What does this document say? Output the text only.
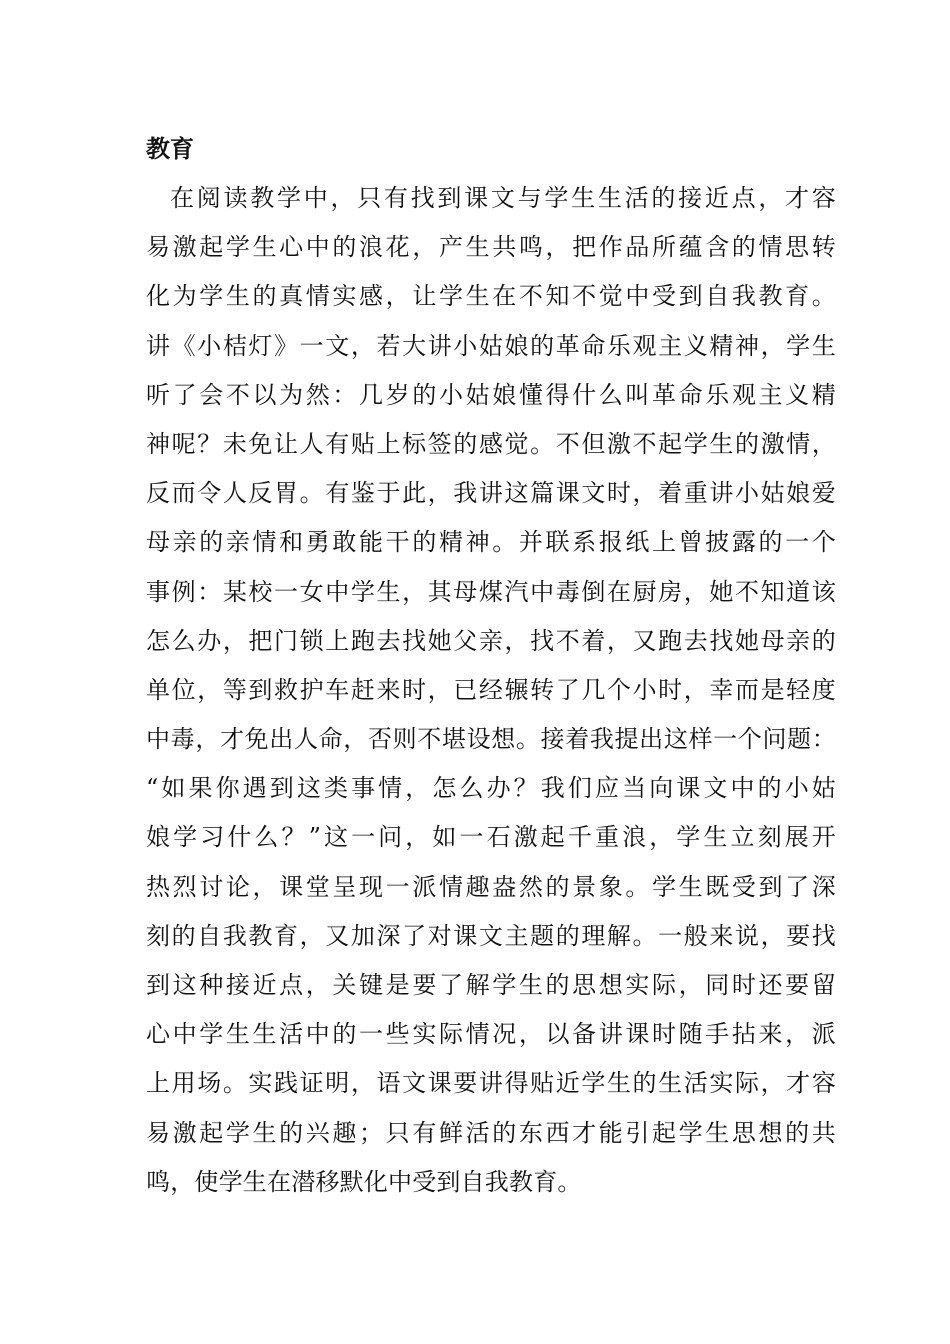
教育
在阅读教学中，只有找到课文与学生生活的接近点，才容
易激起学生心中的浪花，产生共鸣，把作品所蕴含的情思转
化为学生的真情实感，让学生在不知不觉中受到自我教育。
讲《小桔灯》一文，若大讲小姑娘的革命乐观主义精神，学生
听了会不以为然：几岁的小姑娘懂得什么叫革命乐观主义精
神呢？未免让人有贴上标签的感觉。不但激不起学生的激情，
反而令人反胃。有鉴于此，我讲这篇课文时，着重讲小姑娘爱
母亲的亲情和勇敢能干的精神。并联系报纸上曾披露的一个
事例：某校一女中学生，其母煤汽中毒倒在厨房，她不知道该
怎么办，把门锁上跑去找她父亲，找不着，又跑去找她母亲的
单位，等到救护车赶来时，已经辗转了几个小时，幸而是轻度
中毒，才免出人命，否则不堪设想。接着我提出这样一个问题：
“如果你遇到这类事情，怎么办？我们应当向课文中的小姑
娘学习什么？”这一问，如一石激起千重浪，学生立刻展开
热烈讨论，课堂呈现一派情趣盎然的景象。学生既受到了深
刻的自我教育，又加深了对课文主题的理解。一般来说，要找
到这种接近点，关键是要了解学生的思想实际，同时还要留
心中学生生活中的一些实际情况，以备讲课时随手拈来，派
上用场。实践证明，语文课要讲得贴近学生的生活实际，才容
易激起学生的兴趣；只有鲜活的东西才能引起学生思想的共
鸣，使学生在潜移默化中受到自我教育。
